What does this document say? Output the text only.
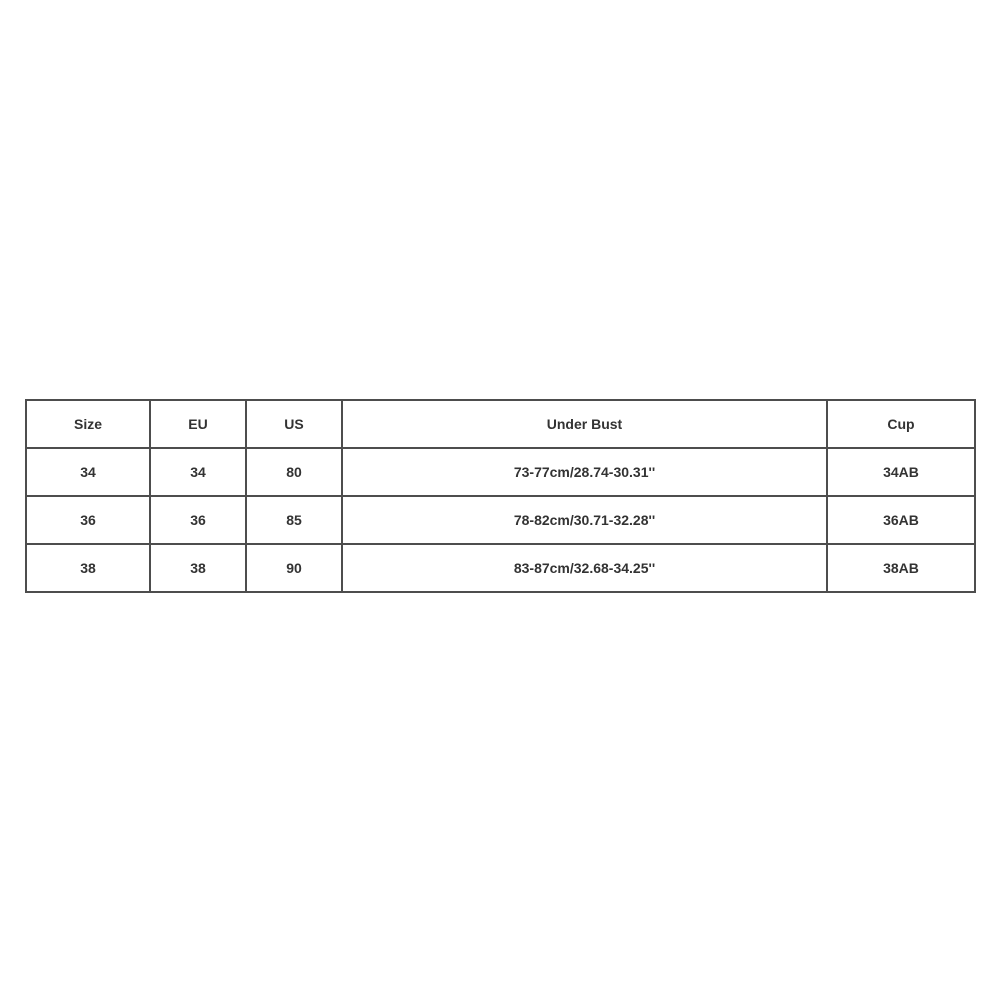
Size	EU	US	Under Bust	Cup
34	34	80	73-77cm/28.74-30.31''	34AB
36	36	85	78-82cm/30.71-32.28''	36AB
38	38	90	83-87cm/32.68-34.25''	38AB
